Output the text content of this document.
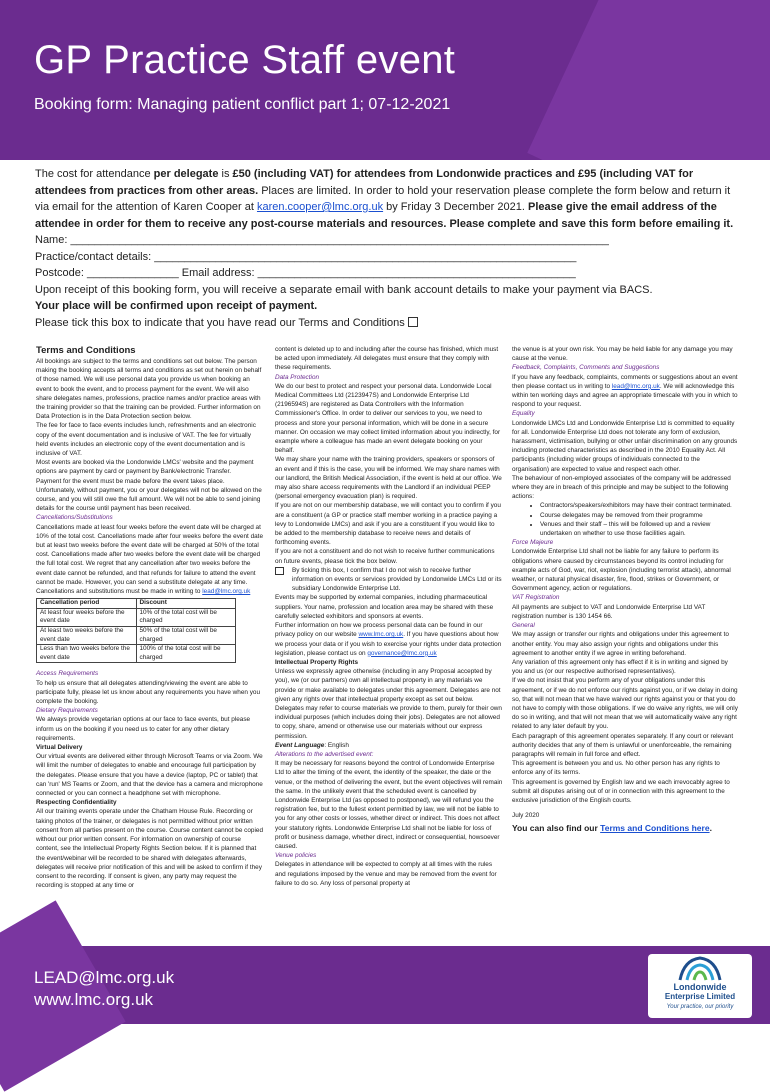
GP Practice Staff event
Booking form: Managing patient conflict part 1; 07-12-2021

The cost for attendance per delegate is £50 (including VAT) for attendees from Londonwide practices and £95 (including VAT for attendees from practices from other areas. Places are limited. In order to hold your reservation please complete the form below and return it via email for the attention of Karen Cooper at karen.cooper@lmc.org.uk by Friday 3 December 2021. Please give the email address of the attendee in order for them to receive any post-course materials and resources. Please complete and save this form before emailing it.

Name: ________________________________________________________________________________________

Practice/contact details: _____________________________________________________________________

Postcode: _______________ Email address: ____________________________________________________

Upon receipt of this booking form, you will receive a separate email with bank account details to make your payment via BACS.

Your place will be confirmed upon receipt of payment.

Please tick this box to indicate that you have read our Terms and Conditions

Terms and Conditions
All bookings are subject to the terms and conditions set out below. The person making the booking accepts all terms and conditions as set out herein on behalf of those named. We will use personal data you provide us when booking an event to book the event, and to process payment for the event. We will also share delegates names, professions, practice names and/or practice areas with the training provider so that the training can be provided. Further information on Data Protection is in the Data Protection section below.
The fee for face to face events includes lunch, refreshments and an electronic copy of the event documentation and is inclusive of VAT. The fee for virtually held events includes an electronic copy of the event documentation and is inclusive of VAT.
Most events are booked via the Londonwide LMCs' website and the payment options are payment by card or payment by Bank/electronic Transfer.
Payment for the event must be made before the event takes place. Unfortunately, without payment, you or your delegates will not be allowed on the course, and you will still owe the full amount. We will not be able to send joining details for the course until payment has been received.
Cancellations/Substitutions
Cancellations made at least four weeks before the event date will be charged at 10% of the total cost. Cancellations made after four weeks before the event date but at least two weeks before the event date will be charged at 50% of the total cost. Cancellations made after two weeks before the event date will be charged the full total cost. We regret that any cancellation after two weeks before the event date cannot be refunded, and that refunds for failure to attend the event cannot be made. However, you can send a substitute delegate at any time. Cancellations and substitutions must be made in writing to lead@lmc.org.uk
Cancellation period	Discount
At least four weeks before the event date	10% of the total cost will be charged
At least two weeks before the event date	50% of the total cost will be charged
Less than two weeks before the event date	100% of the total cost will be charged
Access Requirements
To help us ensure that all delegates attending/viewing the event are able to participate fully, please let us know about any requirements you have when you complete the booking.
Dietary Requirements
We always provide vegetarian options at our face to face events, but please inform us on the booking if you need us to cater for any other dietary requirements.
Virtual Delivery
Our virtual events are delivered either through Microsoft Teams or via Zoom. We will limit the number of delegates to enable and encourage full participation by the delegates. Please ensure that you have a device (laptop, PC or tablet) that can 'run' MS Teams or Zoom, and that the device has a camera and microphone connected or you can connect a headphone set with microphone.
Respecting Confidentiality
All our training events operate under the Chatham House Rule. Recording or taking photos of the trainer, or delegates is not permitted without prior written consent from all parties present on the course. Course content cannot be copied without our prior written consent. For information on ownership of course content, see the Intellectual Property Rights Section below. If it is planned that the event/webinar will be recorded to be shared with delegates afterwards, delegates will receive prior notification of this and will be asked to confirm if they consent to the recording. If consent is given, any party may request the recording is stopped at any time or
content is deleted up to and including after the course has finished, which must be acted upon immediately. All delegates must ensure that they comply with these requirements.
Data Protection
We do our best to protect and respect your personal data. Londonwide Local Medical Committees Ltd (2123947S) and Londonwide Enterprise Ltd (2196594S) are registered as Data Controllers with the Information Commissioner's Office. In order to deliver our services to you, we need to process and store your personal information, which will be done in a secure manner. On occasion we may collect limited information about you indirectly, for example where a colleague has made an event delegate booking on your behalf.
We may share your name with the training providers, speakers or sponsors of an event and if this is the case, you will be informed. We may share names with our landlord, the British Medical Association, if the event is held at our office. We may also share access requirements with the Landlord if an individual PEEP (personal emergency evacuation plan) is required.
If you are not on our membership database, we will contact you to confirm if you are a constituent (a GP or practice staff member working in a practice paying a levy to Londonwide LMCs) and ask if you are a constituent if you would like to be added to the membership database to receive news and details of forthcoming events.
If you are not a constituent and do not wish to receive further communications on future events, please tick the box below.
By ticking this box, I confirm that I do not wish to receive further information on events or services provided by Londonwide LMCs Ltd or its subsidiary Londonwide Enterprise Ltd.
Events may be supported by external companies, including pharmaceutical suppliers. Your name, profession and location area may be shared with these carefully selected exhibitors and sponsors at events.
Further information on how we process personal data can be found in our privacy policy on our website www.lmc.org.uk. If you have questions about how we process your data or if you wish to exercise your rights under data protection legislation, please contact us on governance@lmc.org.uk
Intellectual Property Rights
Unless we expressly agree otherwise (including in any Proposal accepted by you), we (or our partners) own all intellectual property in any materials we provide or make available to delegates under this agreement. Delegates are not given any rights over that intellectual property except as set out below. Delegates may refer to course materials we provide to them, purely for their own individual purposes (which includes doing their jobs). Delegates are not allowed to copy, share, amend or otherwise use our materials without our express permission.
Event Language: English
Alterations to the advertised event:
It may be necessary for reasons beyond the control of Londonwide Enterprise Ltd to alter the timing of the event, the identity of the speaker, the date or the venue, or the method of delivering the event, but the event objectives will remain the same. In the unlikely event that the scheduled event is cancelled by Londonwide Enterprise Ltd (as opposed to postponed), we will refund you the registration fee, but to the fullest extent permitted by law, we will not be liable to you for any other costs or losses, whether direct or indirect. This does not affect your statutory rights. Londonwide Enterprise Ltd shall not be liable for loss of profit or business damage, whether direct, indirect or consequential, howsoever caused.
Venue policies
Delegates in attendance will be expected to comply at all times with the rules and regulations imposed by the venue and may be removed from the event for failure to do so. Any loss of personal property at
the venue is at your own risk. You may be held liable for any damage you may cause at the venue.
Feedback, Complaints, Comments and Suggestions
If you have any feedback, complaints, comments or suggestions about an event then please contact us in writing to lead@lmc.org.uk. We will acknowledge this within ten working days and agree an appropriate timescale with you in which to respond to your request.
Equality
Londonwide LMCs Ltd and Londonwide Enterprise Ltd is committed to equality for all. Londonwide Enterprise Ltd does not tolerate any form of exclusion, harassment, victimisation, bullying or other unfair discrimination on any grounds including protected characteristics as described in the 2010 Equality Act. All participants (including wider groups of individuals connected to the organisation) are expected to value and respect each other.
The behaviour of non-employed associates of the company will be addressed where they are in breach of this principle and may be subject to the following actions:
• Contractors/speakers/exhibitors may have their contract terminated.
• Course delegates may be removed from their programme
• Venues and their staff – this will be followed up and a review undertaken on whether to use those facilities again.
Force Majeure
Londonwide Enterprise Ltd shall not be liable for any failure to perform its obligations where caused by circumstances beyond its control including for example acts of God, war, riot, explosion (including terrorist attack), abnormal weather, or natural physical disaster, fire, flood, strikes or Government, or Government agency, action or regulations.
VAT Registration
All payments are subject to VAT and Londonwide Enterprise Ltd VAT registration number is 130 1454 66.
General
We may assign or transfer our rights and obligations under this agreement to another entity. You may also assign your rights and obligations under this agreement to another entity if we agree in writing beforehand.
Any variation of this agreement only has effect if it is in writing and signed by you and us (or our respective authorised representatives).
If we do not insist that you perform any of your obligations under this agreement, or if we do not enforce our rights against you, or if we delay in doing so, that will not mean that we have waived our rights against you or that you do not have to comply with those obligations. If we do waive any rights, we will only do so in writing, and that will not mean that we will automatically waive any right related to any later default by you.
Each paragraph of this agreement operates separately. If any court or relevant authority decides that any of them is unlawful or unenforceable, the remaining paragraphs will remain in full force and effect.
This agreement is between you and us. No other person has any rights to enforce any of its terms.
This agreement is governed by English law and we each irrevocably agree to submit all disputes arising out of or in connection with this agreement to the exclusive jurisdiction of the English courts.
July 2020
You can also find our Terms and Conditions here.
LEAD@lmc.org.uk
www.lmc.org.uk
Londonwide
Enterprise Limited
Your practice, our priority
